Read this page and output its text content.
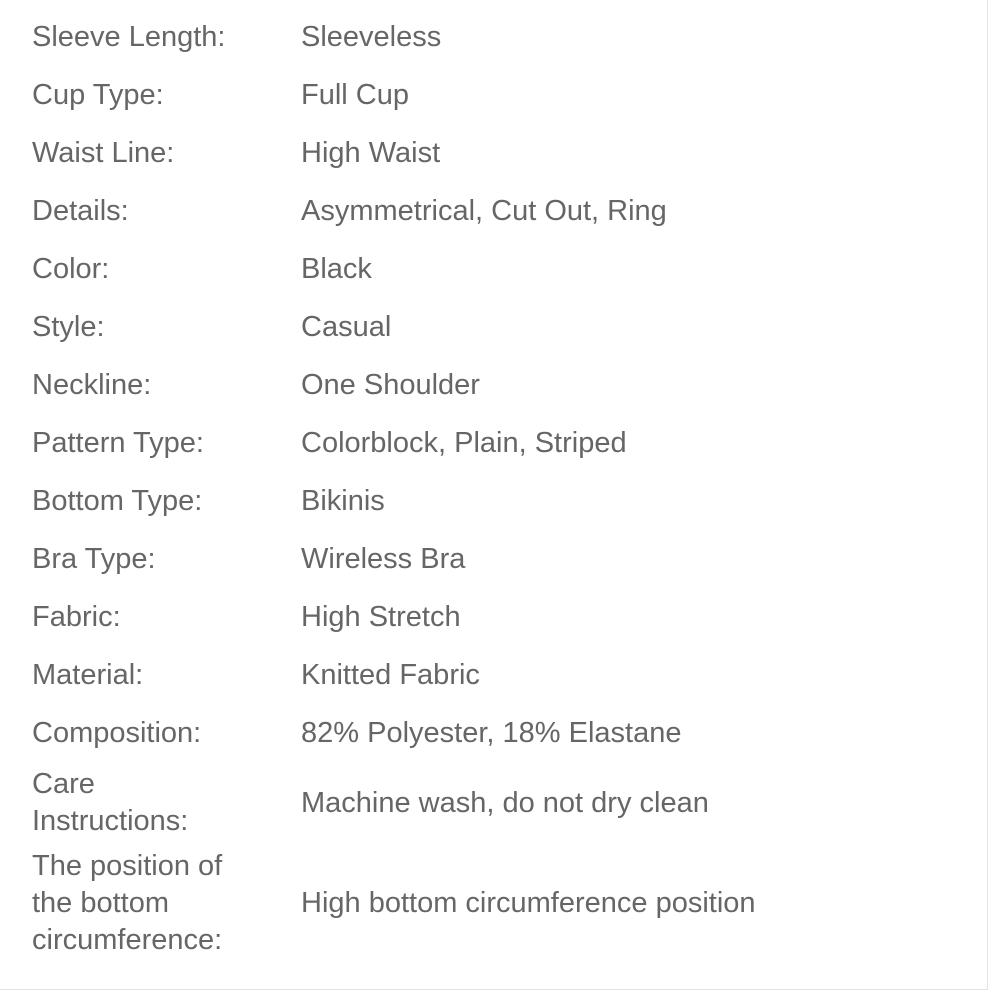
Sleeve Length:	Sleeveless
Cup Type:	Full Cup
Waist Line:	High Waist
Details:	Asymmetrical, Cut Out, Ring
Color:	Black
Style:	Casual
Neckline:	One Shoulder
Pattern Type:	Colorblock, Plain, Striped
Bottom Type:	Bikinis
Bra Type:	Wireless Bra
Fabric:	High Stretch
Material:	Knitted Fabric
Composition:	82% Polyester, 18% Elastane
Care
Instructions:
Machine wash, do not dry clean
The position of
the bottom
circumference:
High bottom circumference position
